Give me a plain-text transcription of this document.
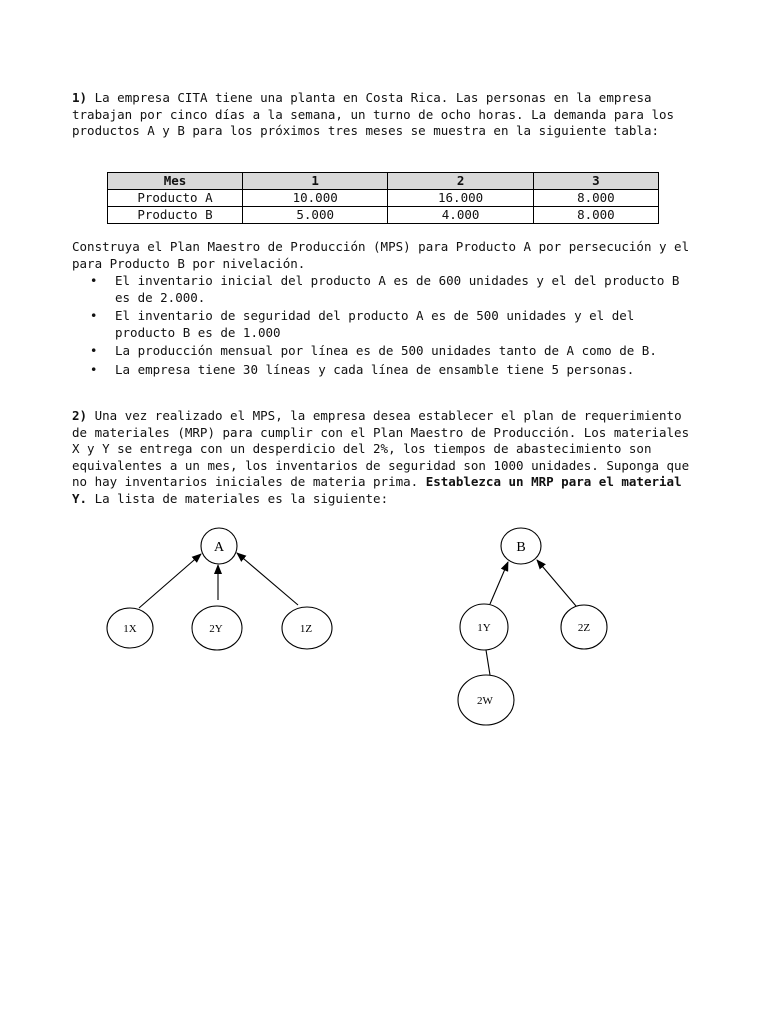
1) La empresa CITA tiene una planta en Costa Rica. Las personas en la empresa trabajan por cinco días a la semana, un turno de ocho horas. La demanda para los productos A y B para los próximos tres meses se muestra en la siguiente tabla:

Mes	1	2	3
Producto A	10.000	16.000	8.000
Producto B	5.000	4.000	8.000

Construya el Plan Maestro de Producción (MPS) para Producto A por persecución y el para Producto B por nivelación.

• El inventario inicial del producto A es de 600 unidades y el del producto B es de 2.000.
• El inventario de seguridad del producto A es de 500 unidades y el del producto B es de 1.000
• La producción mensual por línea es de 500 unidades tanto de A como de B.
• La empresa tiene 30 líneas y cada línea de ensamble tiene 5 personas.

2) Una vez realizado el MPS, la empresa desea establecer el plan de requerimiento de materiales (MRP) para cumplir con el Plan Maestro de Producción. Los materiales X y Y se entrega con un desperdicio del 2%, los tiempos de abastecimiento son equivalentes a un mes, los inventarios de seguridad son 1000 unidades. Suponga que no hay inventarios iniciales de materia prima. Establezca un MRP para el material Y. La lista de materiales es la siguiente:

A
1X	2Y	1Z
B
1Y	2Z
2W
